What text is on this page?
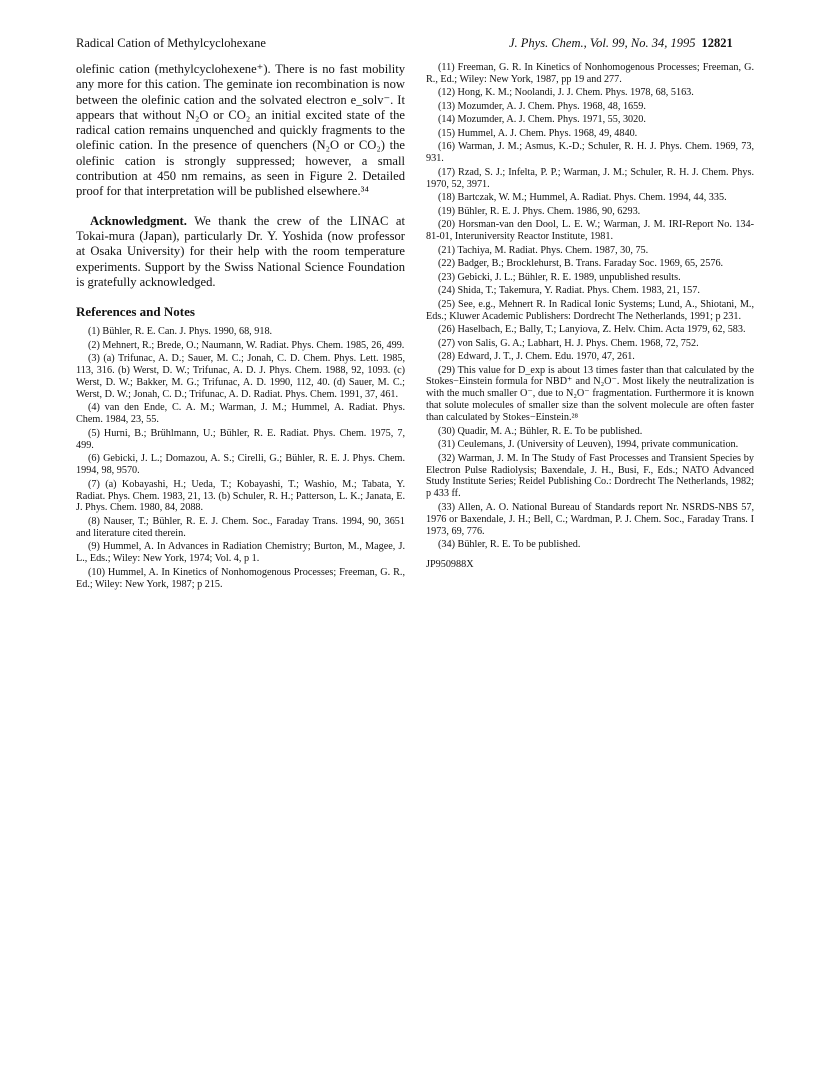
Radical Cation of Methylcyclohexane	J. Phys. Chem., Vol. 99, No. 34, 1995 12821

olefinic cation (methylcyclohexene⁺). There is no fast mobility any more for this cation. The geminate ion recombination is now between the olefinic cation and the solvated electron e_solv⁻. It appears that without N₂O or CO₂ an initial excited state of the radical cation remains unquenched and quickly fragments to the olefinic cation. In the presence of quenchers (N₂O or CO₂) the olefinic cation is strongly suppressed; however, a small contribution at 450 nm remains, as seen in Figure 2. Detailed proof for that interpretation will be published elsewhere.³⁴

Acknowledgment. We thank the crew of the LINAC at Tokai-mura (Japan), particularly Dr. Y. Yoshida (now professor at Osaka University) for their help with the room temperature experiments. Support by the Swiss National Science Foundation is gratefully acknowledged.

References and Notes

(1) Bühler, R. E. Can. J. Phys. 1990, 68, 918.

(2) Mehnert, R.; Brede, O.; Naumann, W. Radiat. Phys. Chem. 1985, 26, 499.

(3) (a) Trifunac, A. D.; Sauer, M. C.; Jonah, C. D. Chem. Phys. Lett. 1985, 113, 316. (b) Werst, D. W.; Trifunac, A. D. J. Phys. Chem. 1988, 92, 1093. (c) Werst, D. W.; Bakker, M. G.; Trifunac, A. D. 1990, 112, 40. (d) Sauer, M. C.; Werst, D. W.; Jonah, C. D.; Trifunac, A. D. Radiat. Phys. Chem. 1991, 37, 461.

(4) van den Ende, C. A. M.; Warman, J. M.; Hummel, A. Radiat. Phys. Chem. 1984, 23, 55.

(5) Hurni, B.; Brühlmann, U.; Bühler, R. E. Radiat. Phys. Chem. 1975, 7, 499.

(6) Gebicki, J. L.; Domazou, A. S.; Cirelli, G.; Bühler, R. E. J. Phys. Chem. 1994, 98, 9570.

(7) (a) Kobayashi, H.; Ueda, T.; Kobayashi, T.; Washio, M.; Tabata, Y. Radiat. Phys. Chem. 1983, 21, 13. (b) Schuler, R. H.; Patterson, L. K.; Janata, E. J. Phys. Chem. 1980, 84, 2088.

(8) Nauser, T.; Bühler, R. E. J. Chem. Soc., Faraday Trans. 1994, 90, 3651 and literature cited therein.

(9) Hummel, A. In Advances in Radiation Chemistry; Burton, M., Magee, J. L., Eds.; Wiley: New York, 1974; Vol. 4, p 1.

(10) Hummel, A. In Kinetics of Nonhomogenous Processes; Freeman, G. R., Ed.; Wiley: New York, 1987; p 215.

(11) Freeman, G. R. In Kinetics of Nonhomogenous Processes; Freeman, G. R., Ed.; Wiley: New York, 1987, pp 19 and 277.

(12) Hong, K. M.; Noolandi, J. J. Chem. Phys. 1978, 68, 5163.

(13) Mozumder, A. J. Chem. Phys. 1968, 48, 1659.

(14) Mozumder, A. J. Chem. Phys. 1971, 55, 3020.

(15) Hummel, A. J. Chem. Phys. 1968, 49, 4840.

(16) Warman, J. M.; Asmus, K.-D.; Schuler, R. H. J. Phys. Chem. 1969, 73, 931.

(17) Rzad, S. J.; Infelta, P. P.; Warman, J. M.; Schuler, R. H. J. Chem. Phys. 1970, 52, 3971.

(18) Bartczak, W. M.; Hummel, A. Radiat. Phys. Chem. 1994, 44, 335.

(19) Bühler, R. E. J. Phys. Chem. 1986, 90, 6293.

(20) Horsman-van den Dool, L. E. W.; Warman, J. M. IRI-Report No. 134-81-01, Interuniversity Reactor Institute, 1981.

(21) Tachiya, M. Radiat. Phys. Chem. 1987, 30, 75.

(22) Badger, B.; Brocklehurst, B. Trans. Faraday Soc. 1969, 65, 2576.

(23) Gebicki, J. L.; Bühler, R. E. 1989, unpublished results.

(24) Shida, T.; Takemura, Y. Radiat. Phys. Chem. 1983, 21, 157.

(25) See, e.g., Mehnert R. In Radical Ionic Systems; Lund, A., Shiotani, M., Eds.; Kluwer Academic Publishers: Dordrecht The Netherlands, 1991; p 231.

(26) Haselbach, E.; Bally, T.; Lanyiova, Z. Helv. Chim. Acta 1979, 62, 583.

(27) von Salis, G. A.; Labhart, H. J. Phys. Chem. 1968, 72, 752.

(28) Edward, J. T., J. Chem. Edu. 1970, 47, 261.

(29) This value for D_exp is about 13 times faster than that calculated by the Stokes−Einstein formula for NBD⁺ and N₂O⁻. Most likely the neutralization is with the much smaller O⁻, due to N₂O⁻ fragmentation. Furthermore it is known that solute molecules of smaller size than the solvent molecule are often faster than calculated by Stokes−Einstein.²⁸

(30) Quadir, M. A.; Bühler, R. E. To be published.

(31) Ceulemans, J. (University of Leuven), 1994, private communication.

(32) Warman, J. M. In The Study of Fast Processes and Transient Species by Electron Pulse Radiolysis; Baxendale, J. H., Busi, F., Eds.; NATO Advanced Study Institute Series; Reidel Publishing Co.: Dordrecht The Netherlands, 1982; p 433 ff.

(33) Allen, A. O. National Bureau of Standards report Nr. NSRDS-NBS 57, 1976 or Baxendale, J. H.; Bell, C.; Wardman, P. J. Chem. Soc., Faraday Trans. I 1973, 69, 776.

(34) Bühler, R. E. To be published.

JP950988X
